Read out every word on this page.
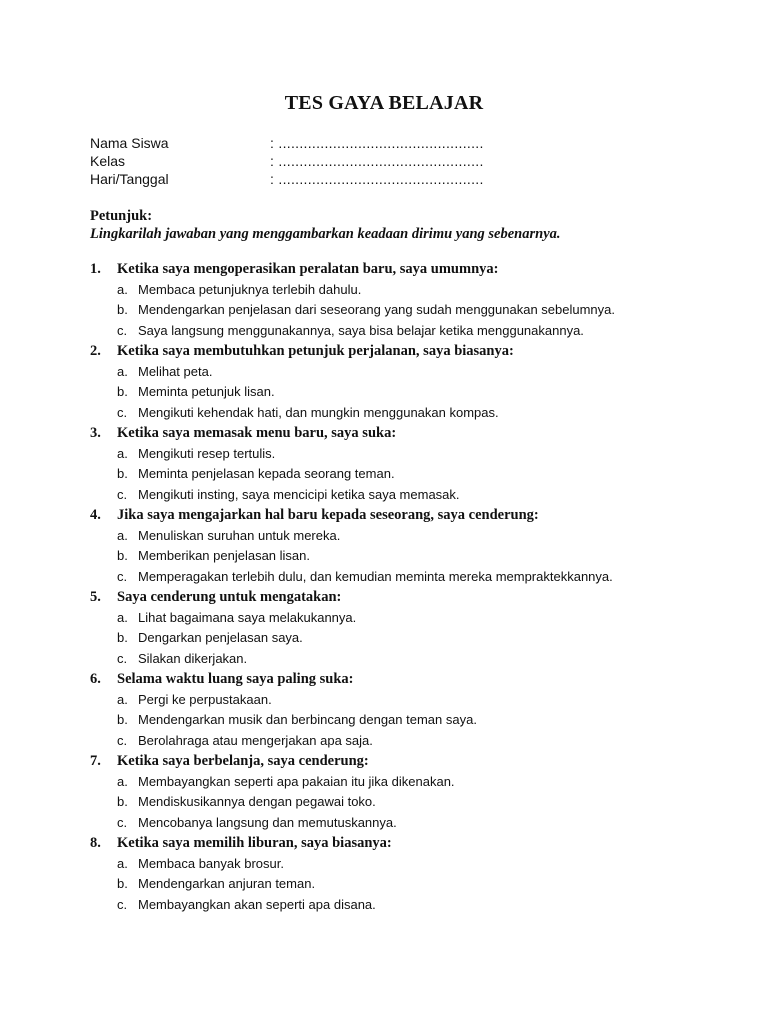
TES GAYA BELAJAR
Nama Siswa	: .................................................
Kelas	: .................................................
Hari/Tanggal	: .................................................
Petunjuk:
Lingkarilah jawaban yang menggambarkan keadaan dirimu yang sebenarnya.
1. Ketika saya mengoperasikan peralatan baru, saya umumnya:
a. Membaca petunjuknya terlebih dahulu.
b. Mendengarkan penjelasan dari seseorang yang sudah menggunakan sebelumnya.
c. Saya langsung menggunakannya, saya bisa belajar ketika menggunakannya.
2. Ketika saya membutuhkan petunjuk perjalanan, saya biasanya:
a. Melihat peta.
b. Meminta petunjuk lisan.
c. Mengikuti kehendak hati, dan mungkin menggunakan kompas.
3. Ketika saya memasak menu baru, saya suka:
a. Mengikuti resep tertulis.
b. Meminta penjelasan kepada seorang teman.
c. Mengikuti insting, saya mencicipi ketika saya memasak.
4. Jika saya mengajarkan hal baru kepada seseorang, saya cenderung:
a. Menuliskan suruhan untuk mereka.
b. Memberikan penjelasan lisan.
c. Memperagakan terlebih dulu, dan kemudian meminta mereka mempraktekkannya.
5. Saya cenderung untuk mengatakan:
a. Lihat bagaimana saya melakukannya.
b. Dengarkan penjelasan saya.
c. Silakan dikerjakan.
6. Selama waktu luang saya paling suka:
a. Pergi ke perpustakaan.
b. Mendengarkan musik dan berbincang dengan teman saya.
c. Berolahraga atau mengerjakan apa saja.
7. Ketika saya berbelanja, saya cenderung:
a. Membayangkan seperti apa pakaian itu jika dikenakan.
b. Mendiskusikannya dengan pegawai toko.
c. Mencobanya langsung dan memutuskannya.
8. Ketika saya memilih liburan, saya biasanya:
a. Membaca banyak brosur.
b. Mendengarkan anjuran teman.
c. Membayangkan akan seperti apa disana.
